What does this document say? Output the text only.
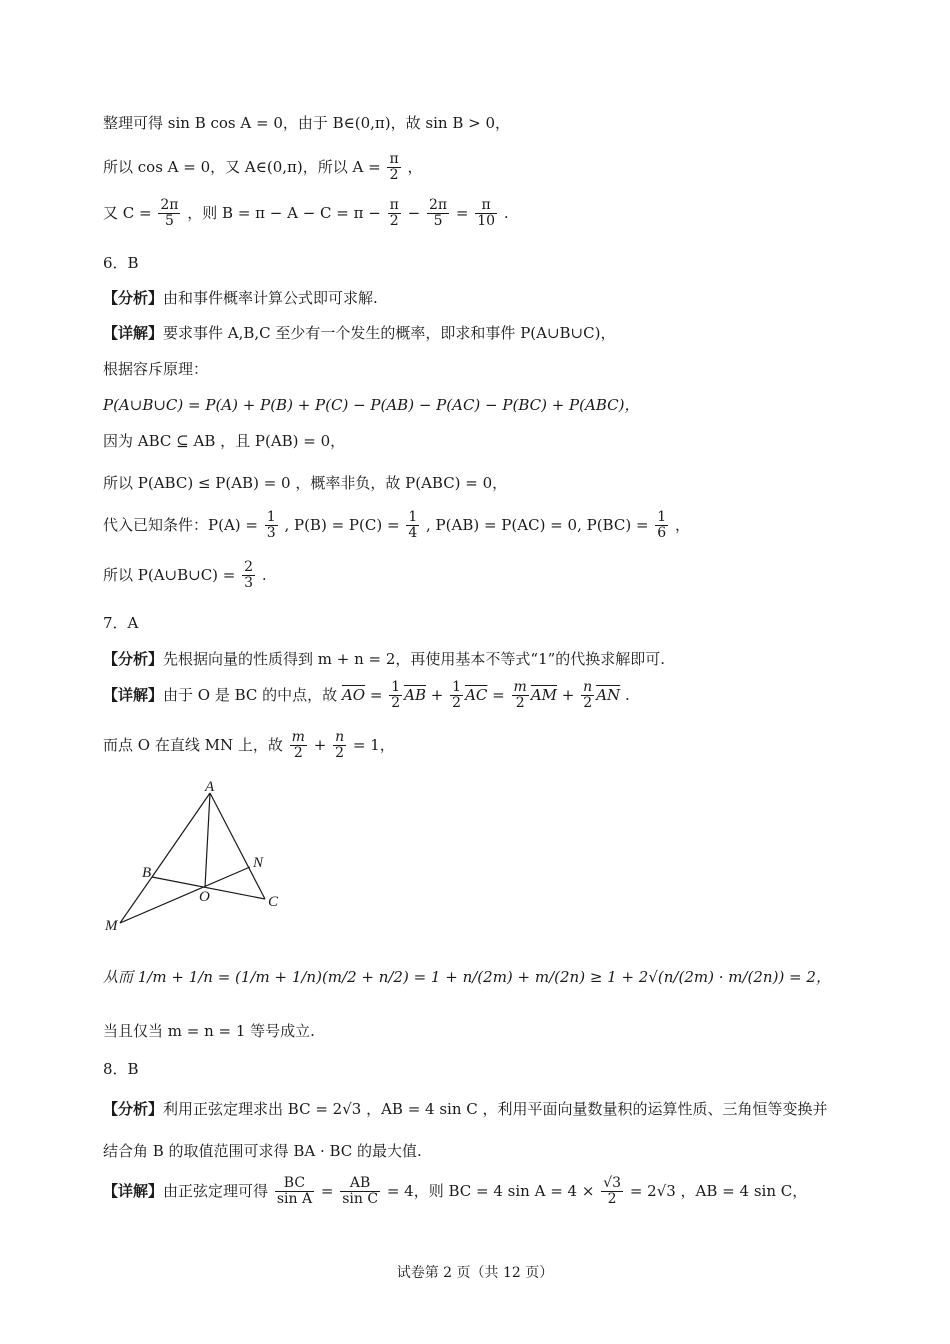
整理可得 sin B cos A = 0，由于 B∈(0,π)，故 sin B > 0，
所以 cos A = 0，又 A∈(0,π)，所以 $A = \frac{\pi}{2}$ ，
又 $C = \frac{2\pi}{5}$ ，则 $B = \pi - A - C = \pi - \frac{\pi}{2} - \frac{2\pi}{5} = \frac{\pi}{10}$ .
6．B
【分析】由和事件概率计算公式即可求解.
【详解】要求事件 A,B,C 至少有一个发生的概率，即求和事件 P(A∪B∪C)，
根据容斥原理：
P(A∪B∪C) = P(A) + P(B) + P(C) − P(AB) − P(AC) − P(BC) + P(ABC)，
因为 ABC ⊆ AB ，且 P(AB) = 0，
所以 P(ABC) ≤ P(AB) = 0 ，概率非负，故 P(ABC) = 0，
代入已知条件：$P(A) = \frac{1}{3}$ , $P(B) = P(C) = \frac{1}{4}$ , P(AB) = P(AC) = 0, $P(BC) = \frac{1}{6}$ ，
所以 P(A∪B∪C) = $\frac{2}{3}$ .
7．A
【分析】先根据向量的性质得到 m + n = 2，再使用基本不等式“1”的代换求解即可.
【详解】由于 O 是 BC 的中点，故 $\overline{AO} = \frac{1}{2} \overline{AB} + \frac{1}{2} \overline{AC} = \frac{m}{2} \overline{AM} + \frac{n}{2} \overline{AN}$ .
而点 O 在直线 MN 上，故 $\frac{m}{2} + \frac{n}{2} = 1$，
A
B
C
M
N
O
从而 1/m + 1/n = (1/m + 1/n)(m/2 + n/2) = 1 + n/(2m) + m/(2n) ≥ 1 + 2√(n/(2m) · m/(2n)) = 2，
当且仅当 m = n = 1 等号成立.
8．B
【分析】利用正弦定理求出 BC = 2√3 ，AB = 4 sin C ，利用平面向量数量积的运算性质、三角恒等变换并
结合角 B 的取值范围可求得 BA · BC 的最大值.
【详解】由正弦定理可得 $\frac{BC}{\text{sin A}} = \frac{AB}{\text{sin C}} = 4$，则 BC = 4 $\sin A = 4 \times \frac{√3}{2} = 2√3$ ，AB = 4 sin C，
试卷第 2 页（共 12 页）
